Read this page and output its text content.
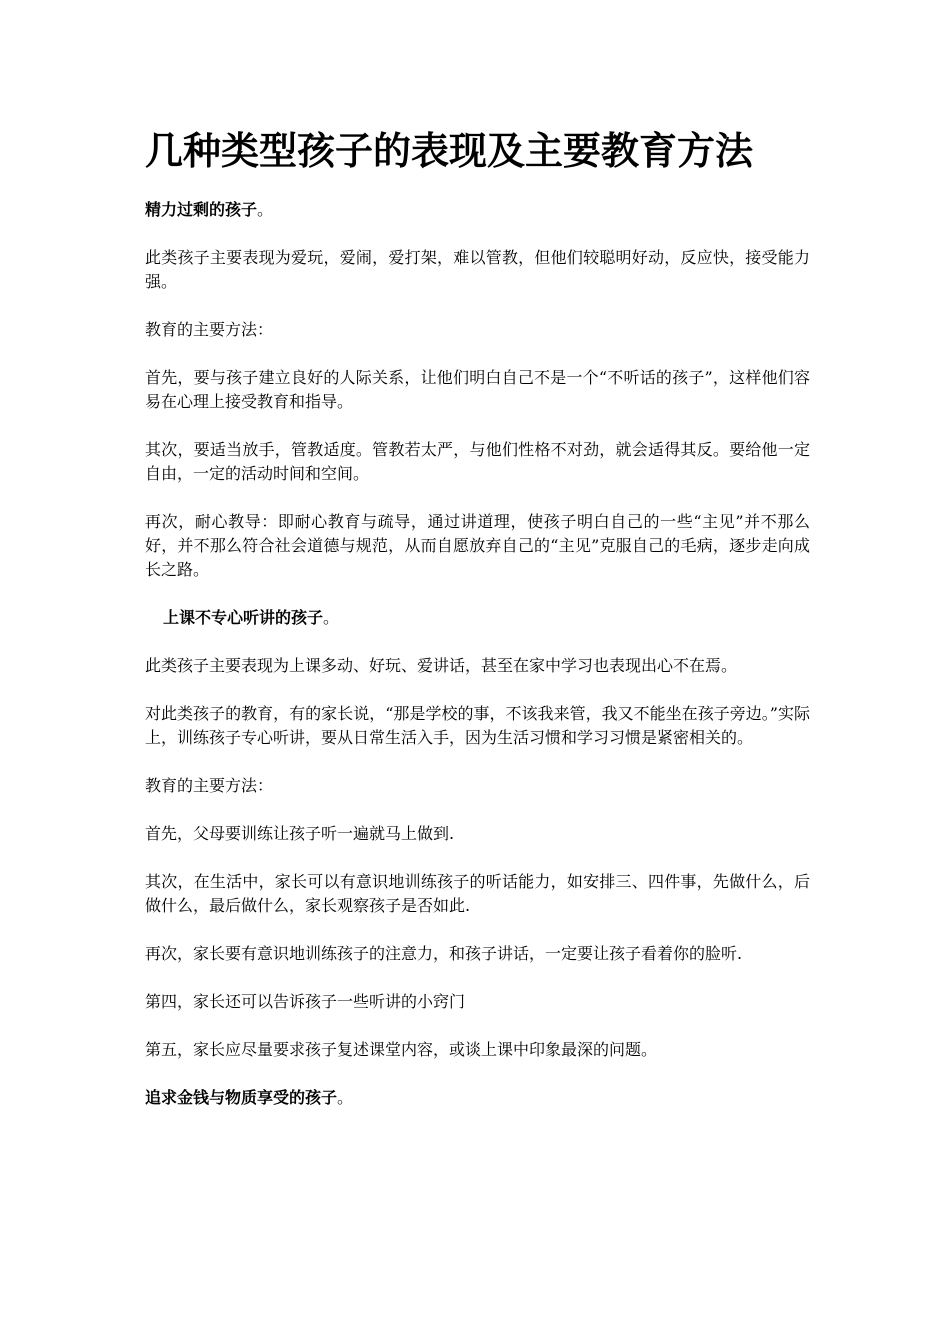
几种类型孩子的表现及主要教育方法
精力过剩的孩子。

此类孩子主要表现为爱玩，爱闹，爱打架，难以管教，但他们较聪明好动，反应快，接受能力强。

教育的主要方法：

首先，要与孩子建立良好的人际关系，让他们明白自己不是一个“不听话的孩子”，这样他们容易在心理上接受教育和指导。

其次，要适当放手，管教适度。管教若太严，与他们性格不对劲，就会适得其反。要给他一定自由，一定的活动时间和空间。

再次，耐心教导：即耐心教育与疏导，通过讲道理，使孩子明白自己的一些“主见”并不那么好，并不那么符合社会道德与规范，从而自愿放弃自己的“主见”克服自己的毛病，逐步走向成长之路。

上课不专心听讲的孩子。

此类孩子主要表现为上课多动、好玩、爱讲话，甚至在家中学习也表现出心不在焉。

对此类孩子的教育，有的家长说，“那是学校的事，不该我来管，我又不能坐在孩子旁边。”实际上，训练孩子专心听讲，要从日常生活入手，因为生活习惯和学习习惯是紧密相关的。

教育的主要方法：

首先，父母要训练让孩子听一遍就马上做到.

其次，在生活中，家长可以有意识地训练孩子的听话能力，如安排三、四件事，先做什么，后做什么，最后做什么，家长观察孩子是否如此.

再次，家长要有意识地训练孩子的注意力，和孩子讲话，一定要让孩子看着你的脸听.

第四，家长还可以告诉孩子一些听讲的小窍门

第五，家长应尽量要求孩子复述课堂内容，或谈上课中印象最深的问题。

追求金钱与物质享受的孩子。
